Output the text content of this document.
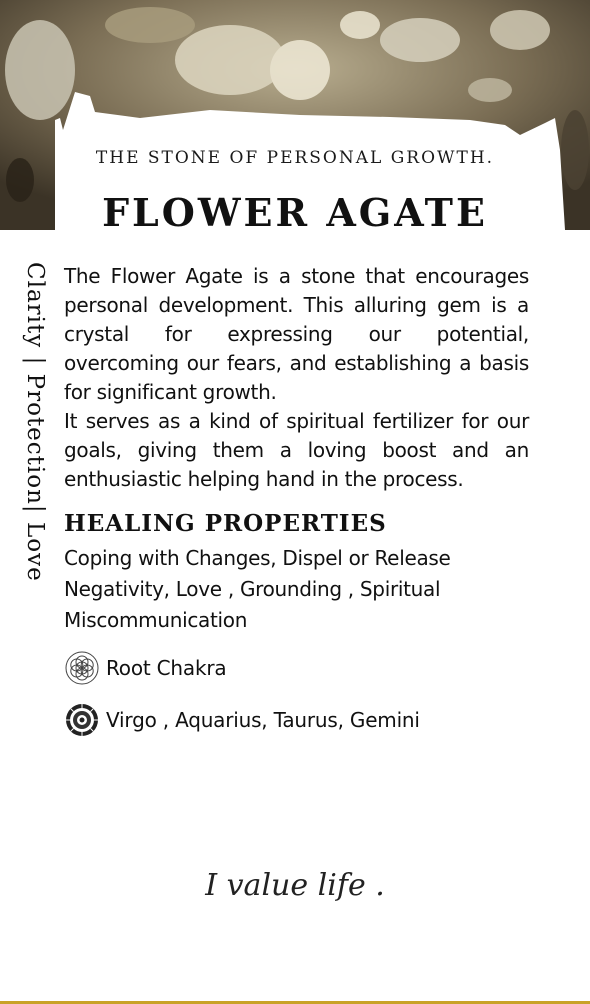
THE STONE OF PERSONAL GROWTH.
FLOWER AGATE
Clarity | Protection| Love The Flower Agate is a stone that encourages personal development. This alluring gem is a crystal for expressing our potential, overcoming our fears, and establishing a basis for significant growth.

It serves as a kind of spiritual fertilizer for our goals, giving them a loving boost and an enthusiastic helping hand in the process.

HEALING PROPERTIES
Coping with Changes, Dispel or Release Negativity, Love , Grounding , Spiritual Miscommunication
Root Chakra
Virgo , Aquarius, Taurus, Gemini
I value life .
